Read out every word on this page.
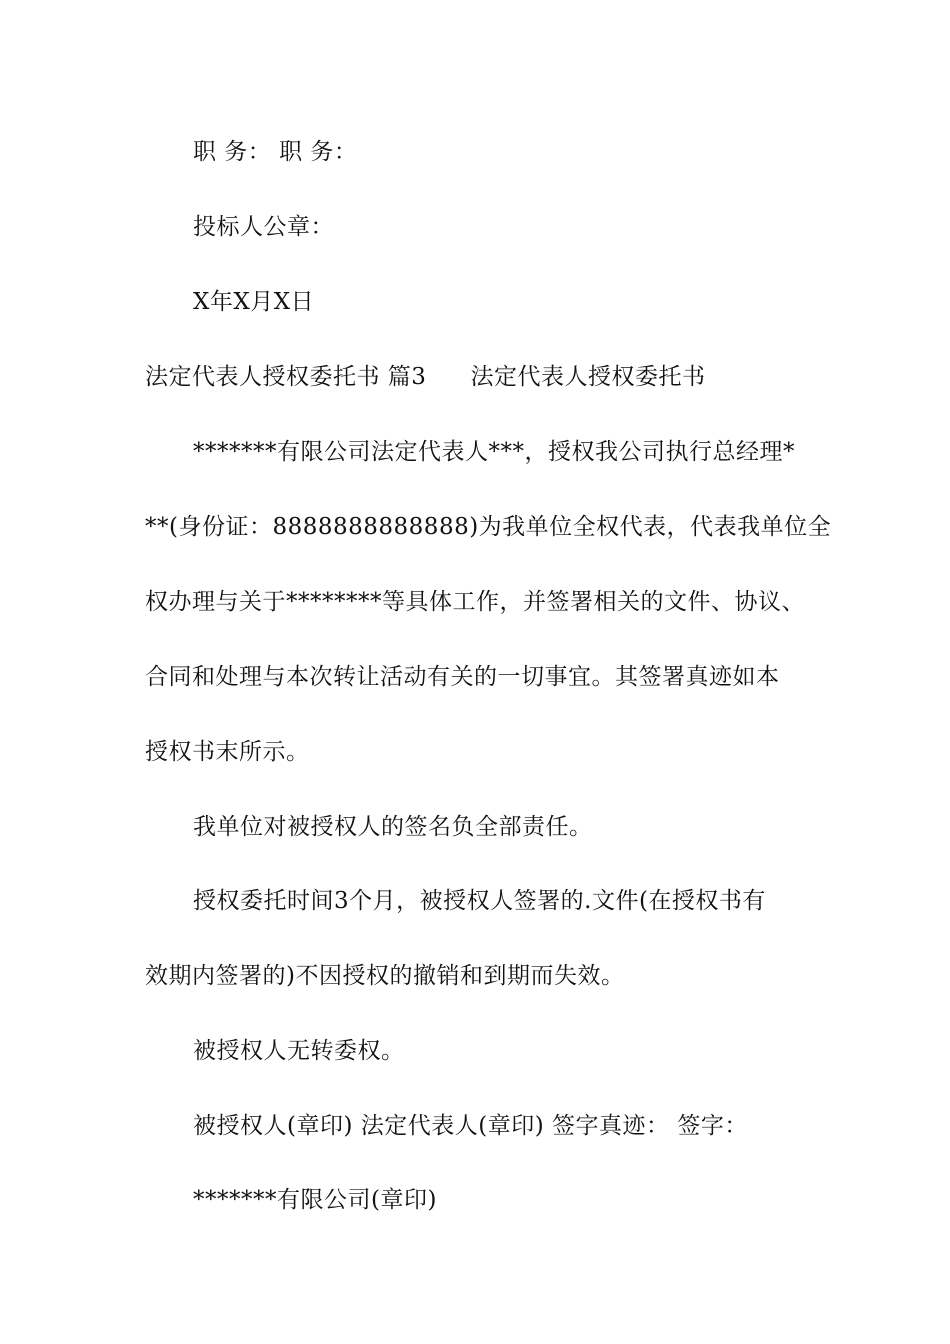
职 务： 职 务：
投标人公章：
X年X月X日
法定代表人授权委托书 篇3 法定代表人授权委托书
*******有限公司法定代表人***，授权我公司执行总经理*
**(身份证：8888888888888)为我单位全权代表，代表我单位全
权办理与关于********等具体工作，并签署相关的文件、协议、
合同和处理与本次转让活动有关的一切事宜。其签署真迹如本
授权书末所示。
我单位对被授权人的签名负全部责任。
授权委托时间3个月，被授权人签署的.文件(在授权书有
效期内签署的)不因授权的撤销和到期而失效。
被授权人无转委权。
被授权人(章印) 法定代表人(章印) 签字真迹： 签字：
*******有限公司(章印)
